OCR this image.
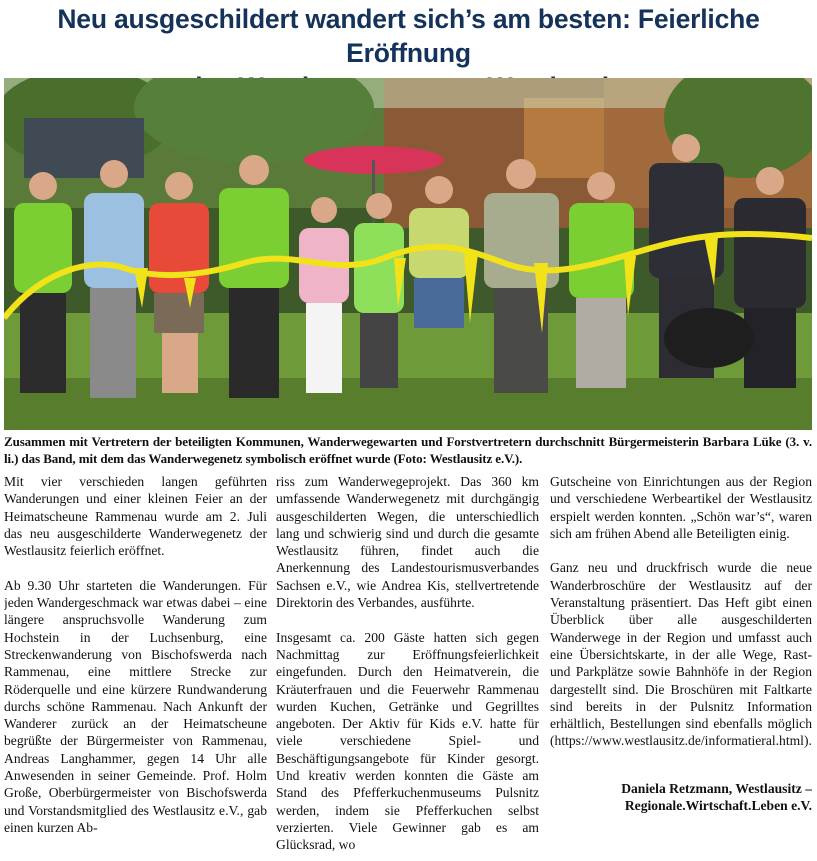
Neu ausgeschildert wandert sich’s am besten: Feierliche Eröffnung

Zusammen mit Vertretern der beteiligten Kommunen, Wanderwegewarten und Forstvertretern durchschnitt Bürgermeisterin Barbara Lüke (3. v. li.) das Band, mit dem das Wanderwegenetz symbolisch eröffnet wurde (Foto: Westlausitz e.V.).

Mit vier verschieden langen geführten Wanderungen und einer kleinen Feier an der Heimatscheune Rammenau wurde am 2. Juli das neu ausgeschilderte Wanderwegenetz der Westlausitz feierlich eröffnet.

Ab 9.30 Uhr starteten die Wanderungen. Für jeden Wandergeschmack war etwas dabei – eine längere anspruchsvolle Wanderung zum Hochstein in der Luchsenburg, eine Streckenwanderung von Bischofswerda nach Rammenau, eine mittlere Strecke zur Röderquelle und eine kürzere Rundwanderung durchs schöne Rammenau. Nach Ankunft der Wanderer zurück an der Heimatscheune begrüßte der Bürgermeister von Rammenau, Andreas Langhammer, gegen 14 Uhr alle Anwesenden in seiner Gemeinde. Prof. Holm Große, Oberbürgermeister von Bischofswerda und Vorstandsmitglied des Westlausitz e.V., gab einen kurzen Ab-

riss zum Wanderwegeprojekt. Das 360 km umfassende Wanderwegenetz mit durchgängig ausgeschilderten Wegen, die unterschiedlich lang und schwierig sind und durch die gesamte Westlausitz führen, findet auch die Anerkennung des Landestourismusverbandes Sachsen e.V., wie Andrea Kis, stellvertretende Direktorin des Verbandes, ausführte.

Insgesamt ca. 200 Gäste hatten sich gegen Nachmittag zur Eröffnungsfeierlichkeit eingefunden. Durch den Heimatverein, die Kräuterfrauen und die Feuerwehr Rammenau wurden Kuchen, Getränke und Gegrilltes angeboten. Der Aktiv für Kids e.V. hatte für viele verschiedene Spiel- und Beschäftigungsangebote für Kinder gesorgt. Und kreativ werden konnten die Gäste am Stand des Pfefferkuchenmuseums Pulsnitz werden, indem sie Pfefferkuchen selbst verzierten. Viele Gewinner gab es am Glücksrad, wo

Gutscheine von Einrichtungen aus der Region und verschiedene Werbeartikel der Westlausitz erspielt werden konnten. „Schön war’s“, waren sich am frühen Abend alle Beteiligten einig.

Ganz neu und druckfrisch wurde die neue Wanderbroschüre der Westlausitz auf der Veranstaltung präsentiert. Das Heft gibt einen Überblick über alle ausgeschilderten Wanderwege in der Region und umfasst auch eine Übersichtskarte, in der alle Wege, Rast- und Parkplätze sowie Bahnhöfe in der Region dargestellt sind. Die Broschüren mit Faltkarte sind bereits in der Pulsnitz Information erhältlich, Bestellungen sind ebenfalls möglich (https://www.westlausitz.de/informatieral.html).

Daniela Retzmann, Westlausitz –
Regionale.Wirtschaft.Leben e.V.
